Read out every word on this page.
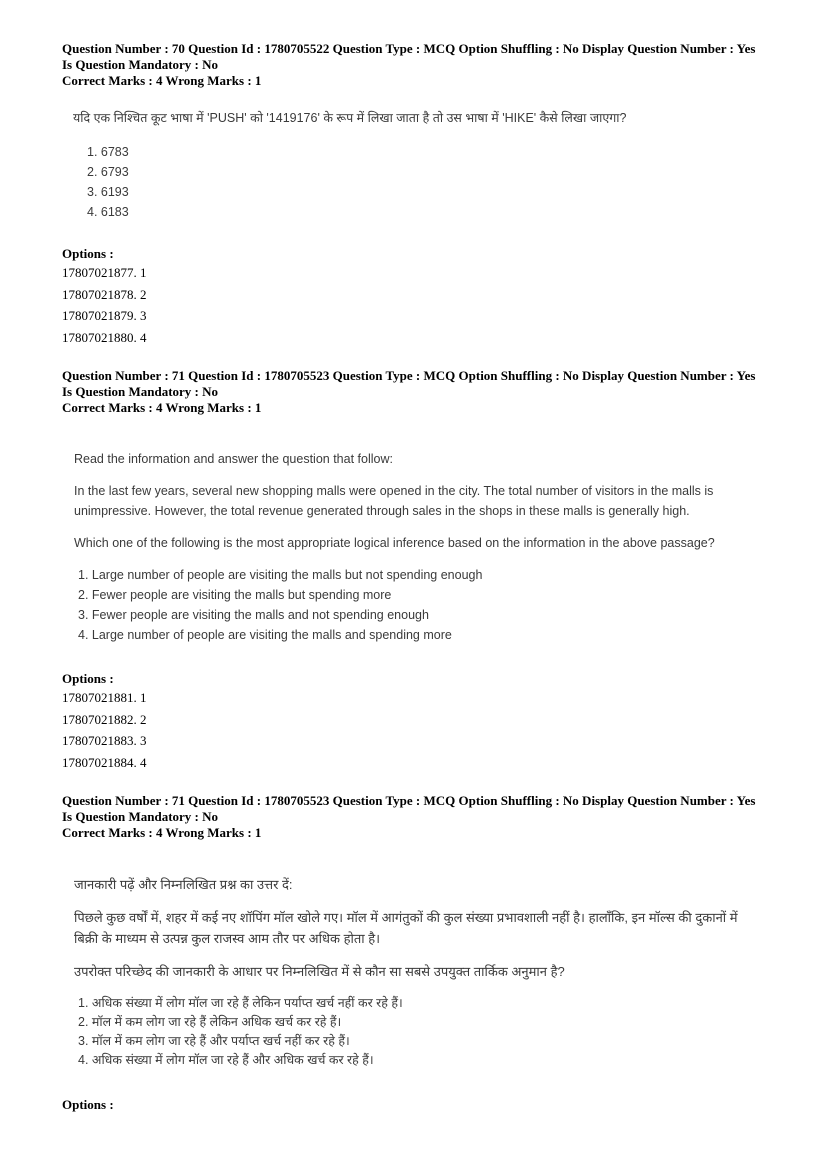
Question Number : 70 Question Id : 1780705522 Question Type : MCQ Option Shuffling : No Display Question Number : Yes
Is Question Mandatory : No
Correct Marks : 4 Wrong Marks : 1
यदि एक निश्चित कूट भाषा में 'PUSH' को '1419176' के रूप में लिखा जाता है तो उस भाषा में 'HIKE' कैसे लिखा जाएगा?
1. 6783
2. 6793
3. 6193
4. 6183
Options :
17807021877. 1
17807021878. 2
17807021879. 3
17807021880. 4
Question Number : 71 Question Id : 1780705523 Question Type : MCQ Option Shuffling : No Display Question Number : Yes
Is Question Mandatory : No
Correct Marks : 4 Wrong Marks : 1

Read the information and answer the question that follow:

In the last few years, several new shopping malls were opened in the city. The total number of visitors in the malls is unimpressive. However, the total revenue generated through sales in the shops in these malls is generally high.

Which one of the following is the most appropriate logical inference based on the information in the above passage?

1. Large number of people are visiting the malls but not spending enough
2. Fewer people are visiting the malls but spending more
3. Fewer people are visiting the malls and not spending enough
4. Large number of people are visiting the malls and spending more
Options :
17807021881. 1
17807021882. 2
17807021883. 3
17807021884. 4
Question Number : 71 Question Id : 1780705523 Question Type : MCQ Option Shuffling : No Display Question Number : Yes
Is Question Mandatory : No
Correct Marks : 4 Wrong Marks : 1

जानकारी पढ़ें और निम्नलिखित प्रश्न का उत्तर दें:

पिछले कुछ वर्षों में, शहर में कई नए शॉपिंग मॉल खोले गए। मॉल में आगंतुकों की कुल संख्या प्रभावशाली नहीं है। हालाँकि, इन मॉल्स की दुकानों में बिक्री के माध्यम से उत्पन्न कुल राजस्व आम तौर पर अधिक होता है।

उपरोक्त परिच्छेद की जानकारी के आधार पर निम्नलिखित में से कौन सा सबसे उपयुक्त तार्किक अनुमान है?

1. अधिक संख्या में लोग मॉल जा रहे हैं लेकिन पर्याप्त खर्च नहीं कर रहे हैं।
2. मॉल में कम लोग जा रहे हैं लेकिन अधिक खर्च कर रहे हैं।
3. मॉल में कम लोग जा रहे हैं और पर्याप्त खर्च नहीं कर रहे हैं।
4. अधिक संख्या में लोग मॉल जा रहे हैं और अधिक खर्च कर रहे हैं।
Options :
